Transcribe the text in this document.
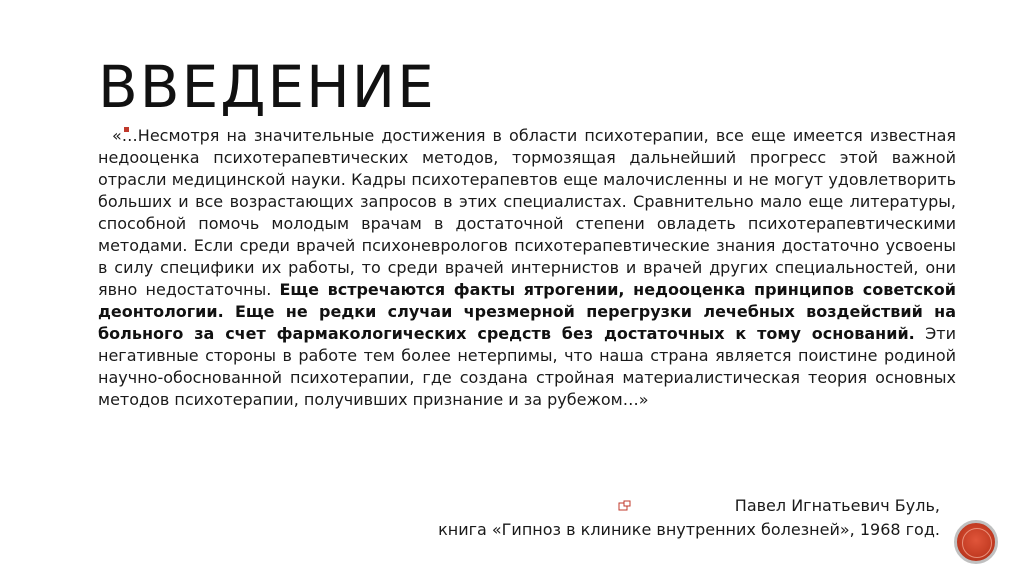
ВВЕДЕНИЕ
«…Несмотря на значительные достижения в области психотерапии, все еще имеется известная недооценка психотерапевтических методов, тормозящая дальнейший прогресс этой важной отрасли медицинской науки. Кадры психотерапевтов еще малочисленны и не могут удовлетворить больших и все возрастающих запросов в этих специалистах. Сравнительно мало еще литературы, способной помочь молодым врачам в достаточной степени овладеть психотерапевтическими методами. Если среди врачей психоневрологов психотерапевтические знания достаточно усвоены в силу специфики их работы, то среди врачей интернистов и врачей других специальностей, они явно недостаточны. Еще встречаются факты ятрогении, недооценка принципов советской деонтологии. Еще не редки случаи чрезмерной перегрузки лечебных воздействий на больного за счет фармакологических средств без достаточных к тому оснований. Эти негативные стороны в работе тем более нетерпимы, что наша страна является поистине родиной научно-обоснованной психотерапии, где создана стройная материалистическая теория основных методов психотерапии, получивших признание и за рубежом…»
Павел Игнатьевич Буль,
книга «Гипноз в клинике внутренних болезней», 1968 год.
